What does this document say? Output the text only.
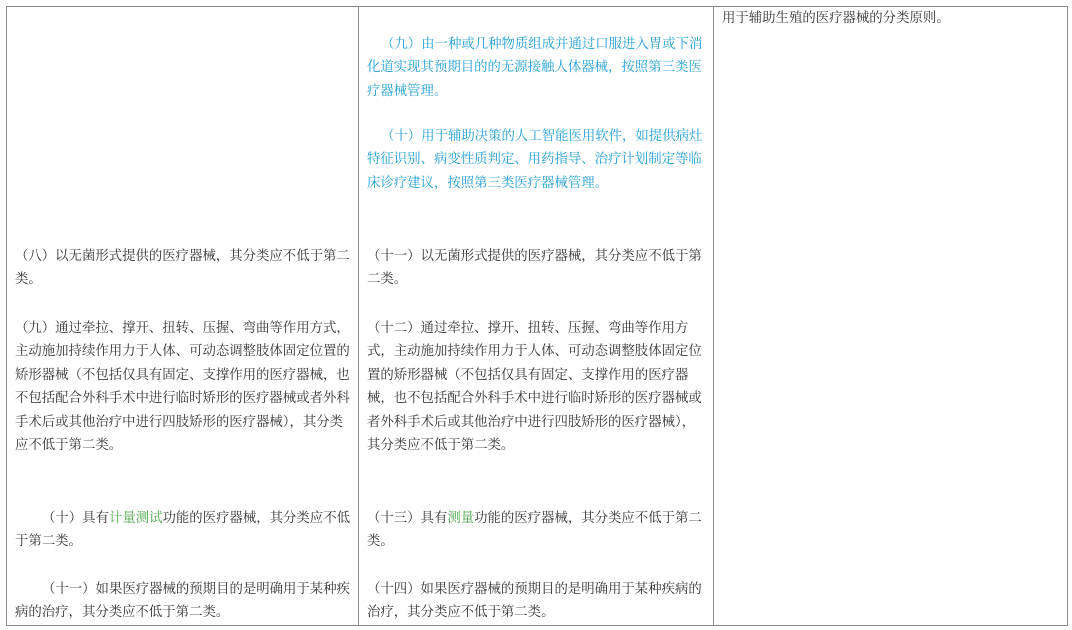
（八）以无菌形式提供的医疗器械，其分类应不低于第二类。

（九）通过牵拉、撑开、扭转、压握、弯曲等作用方式，主动施加持续作用力于人体、可动态调整肢体固定位置的矫形器械（不包括仅具有固定、支撑作用的医疗器械，也不包括配合外科手术中进行临时矫形的医疗器械或者外科手术后或其他治疗中进行四肢矫形的医疗器械），其分类应不低于第二类。

（十）具有计量测试功能的医疗器械，其分类应不低于第二类。

（十一）如果医疗器械的预期目的是明确用于某种疾病的治疗，其分类应不低于第二类。

（九）由一种或几种物质组成并通过口服进入胃或下消化道实现其预期目的的无源接触人体器械，按照第三类医疗器械管理。

（十）用于辅助决策的人工智能医用软件，如提供病灶特征识别、病变性质判定、用药指导、治疗计划制定等临床诊疗建议，按照第三类医疗器械管理。

（十一）以无菌形式提供的医疗器械，其分类应不低于第二类。

（十二）通过牵拉、撑开、扭转、压握、弯曲等作用方式，主动施加持续作用力于人体、可动态调整肢体固定位置的矫形器械（不包括仅具有固定、支撑作用的医疗器械，也不包括配合外科手术中进行临时矫形的医疗器械或者外科手术后或其他治疗中进行四肢矫形的医疗器械），其分类应不低于第二类。

（十三）具有测量功能的医疗器械，其分类应不低于第二类。

（十四）如果医疗器械的预期目的是明确用于某种疾病的治疗，其分类应不低于第二类。

用于辅助生殖的医疗器械的分类原则。
